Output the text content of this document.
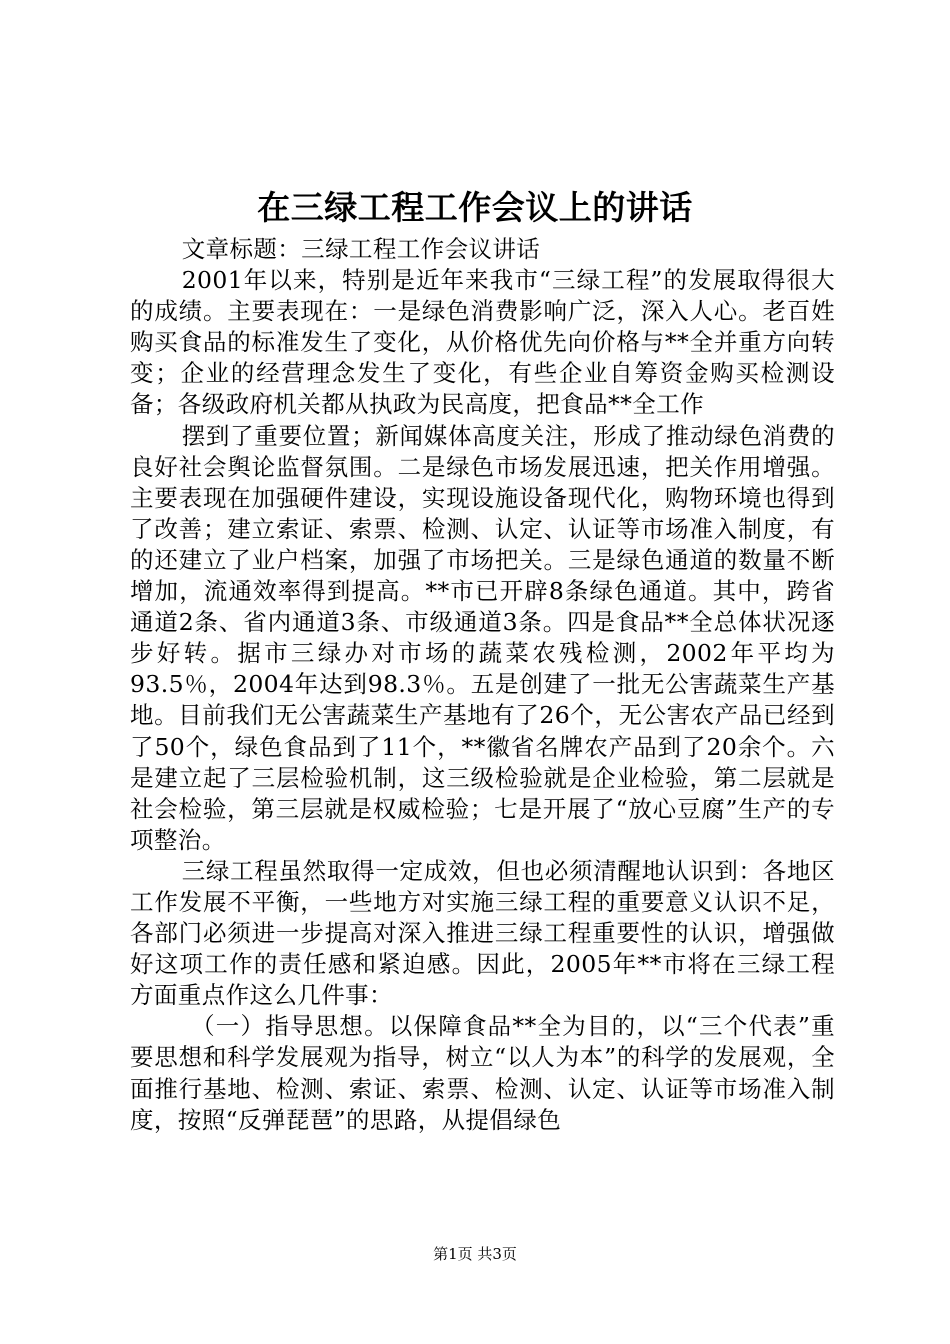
在三绿工程工作会议上的讲话

文章标题：三绿工程工作会议讲话

2001年以来，特别是近年来我市“三绿工程”的发展取得很大的成绩。主要表现在：一是绿色消费影响广泛，深入人心。老百姓购买食品的标准发生了变化，从价格优先向价格与**全并重方向转变；企业的经营理念发生了变化，有些企业自筹资金购买检测设备；各级政府机关都从执政为民高度，把食品**全工作

摆到了重要位置；新闻媒体高度关注，形成了推动绿色消费的良好社会舆论监督氛围。二是绿色市场发展迅速，把关作用增强。主要表现在加强硬件建设，实现设施设备现代化，购物环境也得到了改善；建立索证、索票、检测、认定、认证等市场准入制度，有的还建立了业户档案，加强了市场把关。三是绿色通道的数量不断增加，流通效率得到提高。**市已开辟8条绿色通道。其中，跨省通道2条、省内通道3条、市级通道3条。四是食品**全总体状况逐步好转。据市三绿办对市场的蔬菜农残检测，2002年平均为93.5％，2004年达到98.3％。五是创建了一批无公害蔬菜生产基地。目前我们无公害蔬菜生产基地有了26个，无公害农产品已经到了50个，绿色食品到了11个，**徽省名牌农产品到了20余个。六是建立起了三层检验机制，这三级检验就是企业检验，第二层就是社会检验，第三层就是权威检验；七是开展了“放心豆腐”生产的专项整治。

三绿工程虽然取得一定成效，但也必须清醒地认识到：各地区工作发展不平衡，一些地方对实施三绿工程的重要意义认识不足，各部门必须进一步提高对深入推进三绿工程重要性的认识，增强做好这项工作的责任感和紧迫感。因此，2005年**市将在三绿工程方面重点作这么几件事：

（一）指导思想。以保障食品**全为目的，以“三个代表”重要思想和科学发展观为指导，树立“以人为本”的科学的发展观，全面推行基地、检测、索证、索票、检测、认定、认证等市场准入制度，按照“反弹琵琶”的思路，从提倡绿色

第1页 共3页
